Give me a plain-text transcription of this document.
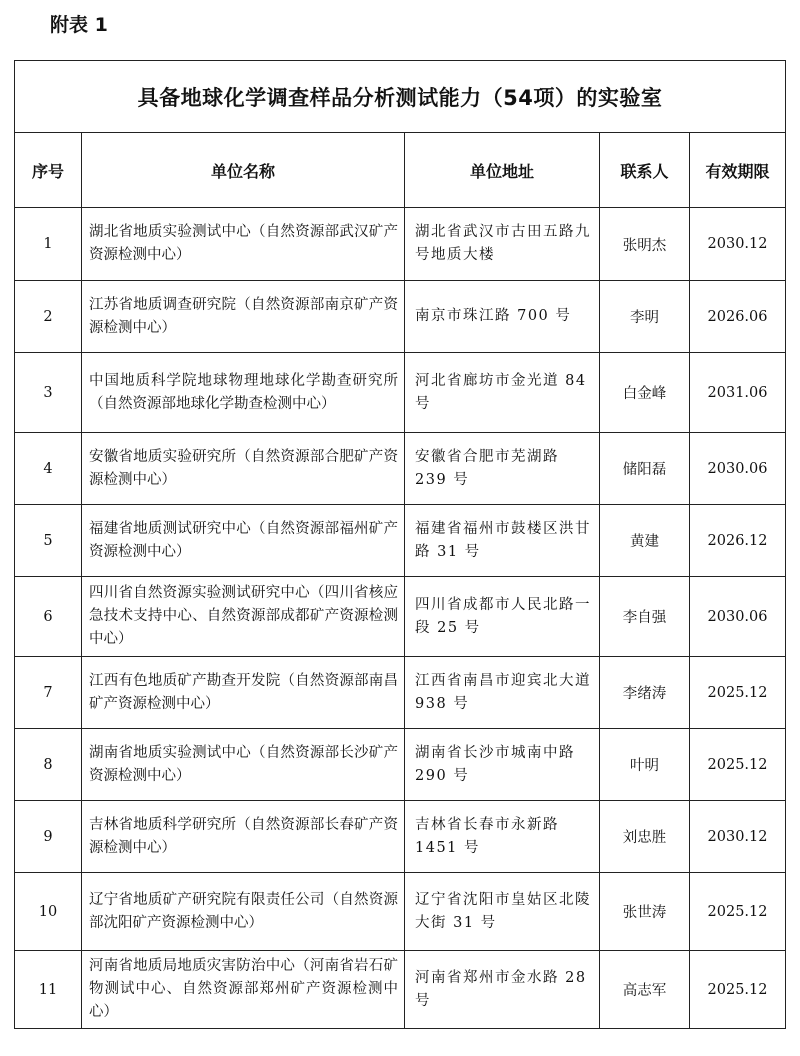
附表 1
具备地球化学调查样品分析测试能力（54项）的实验室				
序号	单位名称	单位地址	联系人	有效期限
1	湖北省地质实验测试中心（自然资源部武汉矿产资源检测中心）	湖北省武汉市古田五路九号地质大楼	张明杰	2030.12
2	江苏省地质调查研究院（自然资源部南京矿产资源检测中心）	南京市珠江路 700 号	李明	2026.06
3	中国地质科学院地球物理地球化学勘查研究所（自然资源部地球化学勘查检测中心）	河北省廊坊市金光道 84 号	白金峰	2031.06
4	安徽省地质实验研究所（自然资源部合肥矿产资源检测中心）	安徽省合肥市芜湖路 239 号	储阳磊	2030.06
5	福建省地质测试研究中心（自然资源部福州矿产资源检测中心）	福建省福州市鼓楼区洪甘路 31 号	黄建	2026.12
6	四川省自然资源实验测试研究中心（四川省核应急技术支持中心、自然资源部成都矿产资源检测中心）	四川省成都市人民北路一段 25 号	李自强	2030.06
7	江西有色地质矿产勘查开发院（自然资源部南昌矿产资源检测中心）	江西省南昌市迎宾北大道 938 号	李绪涛	2025.12
8	湖南省地质实验测试中心（自然资源部长沙矿产资源检测中心）	湖南省长沙市城南中路 290 号	叶明	2025.12
9	吉林省地质科学研究所（自然资源部长春矿产资源检测中心）	吉林省长春市永新路 1451 号	刘忠胜	2030.12
10	辽宁省地质矿产研究院有限责任公司（自然资源部沈阳矿产资源检测中心）	辽宁省沈阳市皇姑区北陵大街 31 号	张世涛	2025.12
11	河南省地质局地质灾害防治中心（河南省岩石矿物测试中心、自然资源部郑州矿产资源检测中心）	河南省郑州市金水路 28 号	高志军	2025.12
